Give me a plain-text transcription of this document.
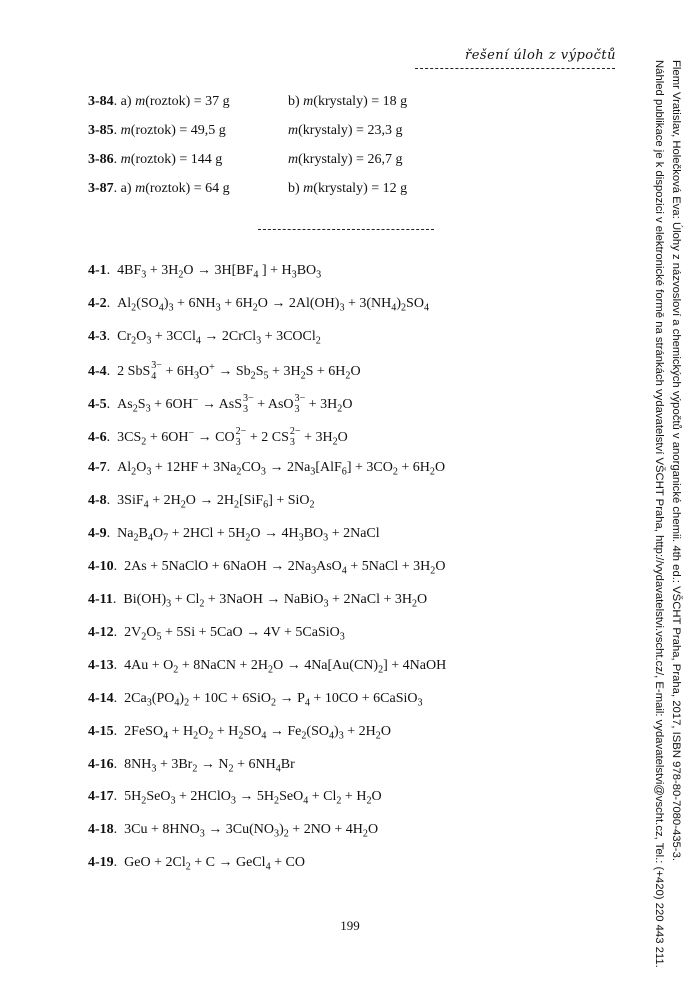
řešení úloh z výpočtů
Flemr Vratislav, Holečková Eva: Úlohy z názvosloví a chemických výpočtů v anorganické chemii. 4th ed.: VŠCHT Praha, Praha, 2017, ISBN 978-80-7080-435-3.
Náhled publikace je k dispozici v elektronické formě na stránkách vydavatelství VŠCHT Praha, http://vydavatelstvi.vscht.cz/, E-mail: vydavatelstvi@vscht.cz, Tel.: (+420) 220 443 211.
3-84. a) m(roztok) = 37 g	b) m(krystaly) = 18 g
3-85. m(roztok) = 49,5 g	m(krystaly) = 23,3 g
3-86. m(roztok) = 144 g	m(krystaly) = 26,7 g
3-87. a) m(roztok) = 64 g	b) m(krystaly) = 12 g
4-1.  $4BF_3 + 3H_2O \to 3H[BF_4$ ] + $H_3BO_3$
4-2.  $Al_2(SO_4)_3 + 6NH_3 + 6H_2O \to 2Al(OH)_3 + 3(NH_4)_2SO_4$
4-3.  $Cr_2O_3 + 3CCl_4$ → 2CrCl$_3$ + 3COCl$_2$
4-4.  2 SbS 3−
$4 + 6H_3O^+ \to Sb_2S_5 + 3H_2S + 6H_2O$
4-5.  $As_2S_3 + 6OH^-$ → AsS 3−
3 + AsO 3−
$3 + 3H_2O$
4-6.  $3CS_2 + 6OH^-$ → CO 2−
3 + 2 CS 2−
$3 + 3H_2O$
4-7.  $Al_2O_3 + 12HF + 3Na_2CO_3 \to 2Na_3[AlF_6] + 3CO_2 + 6H_2O$
4-8.  $3SiF_4 + 2H_2O \to 2H_2[SiF_6] + SiO_2$
4-9.  $Na_2B_4O_7 + 2HCl + 5H_2O \to 4H_3BO_3$ + 2NaCl
4-10.  2As + 5NaClO + 6NaOH → $2Na_3AsO_4$ + 5NaCl + $3H_2O$
4-11.  $Bi(OH)_3 + Cl_2$ + 3NaOH → NaBiO$_3$ + 2NaCl + $3H_2O$
4-12.  $2V_2O_5 + 5Si + 5CaO \to 4V$ + 5CaSiO$_3$
4-13.  $4Au + O_2$ + 8NaCN + $2H_2O \to 4Na[Au(CN)_2]$ + 4NaOH
4-14.  $2Ca_3(PO_4)_2 + 10C + 6SiO_2 \to P_4 + 10CO$ + 6CaSiO$_3$
4-15.  2FeSO$_4$ + $H_2O_2 + H_2SO_4 \to Fe_2(SO_4)_3 + 2H_2O$
4-16.  $8NH_3 + 3Br_2 \to N_2 + 6NH_4Br$
4-17.  $5H_2SeO_3$ + 2HClO$_3$ → $5H_2SeO_4 + Cl_2 + H_2O$
4-18.  $3Cu + 8HNO_3 \to 3Cu(NO_3)_2 + 2NO + 4H_2O$
4-19.  GeO + $2Cl_2 + C$ → GeCl$_4$ + CO
199
